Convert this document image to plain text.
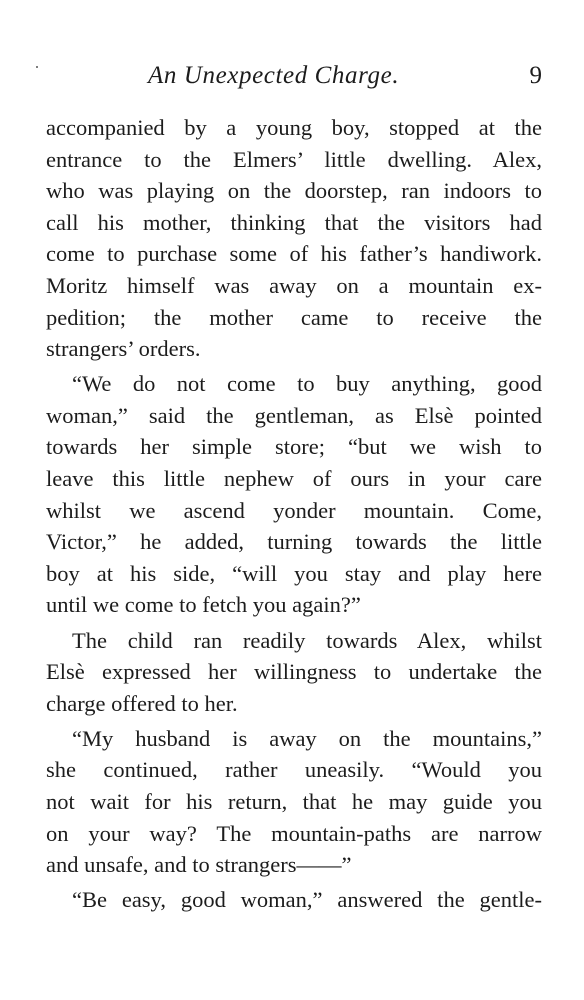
An Unexpected Charge.	9
accompanied by a young boy, stopped at the
entrance to the Elmers’ little dwelling. Alex,
who was playing on the doorstep, ran indoors to
call his mother, thinking that the visitors had
come to purchase some of his father’s handiwork.
Moritz himself was away on a mountain ex-
pedition; the mother came to receive the
strangers’ orders.
“We do not come to buy anything, good
woman,” said the gentleman, as Elsè pointed
towards her simple store; “but we wish to
leave this little nephew of ours in your care
whilst we ascend yonder mountain. Come,
Victor,” he added, turning towards the little
boy at his side, “will you stay and play here
until we come to fetch you again?”
The child ran readily towards Alex, whilst
Elsè expressed her willingness to undertake the
charge offered to her.
“My husband is away on the mountains,”
she continued, rather uneasily. “Would you
not wait for his return, that he may guide you
on your way? The mountain-paths are narrow
and unsafe, and to strangers——”
“Be easy, good woman,” answered the gentle-
